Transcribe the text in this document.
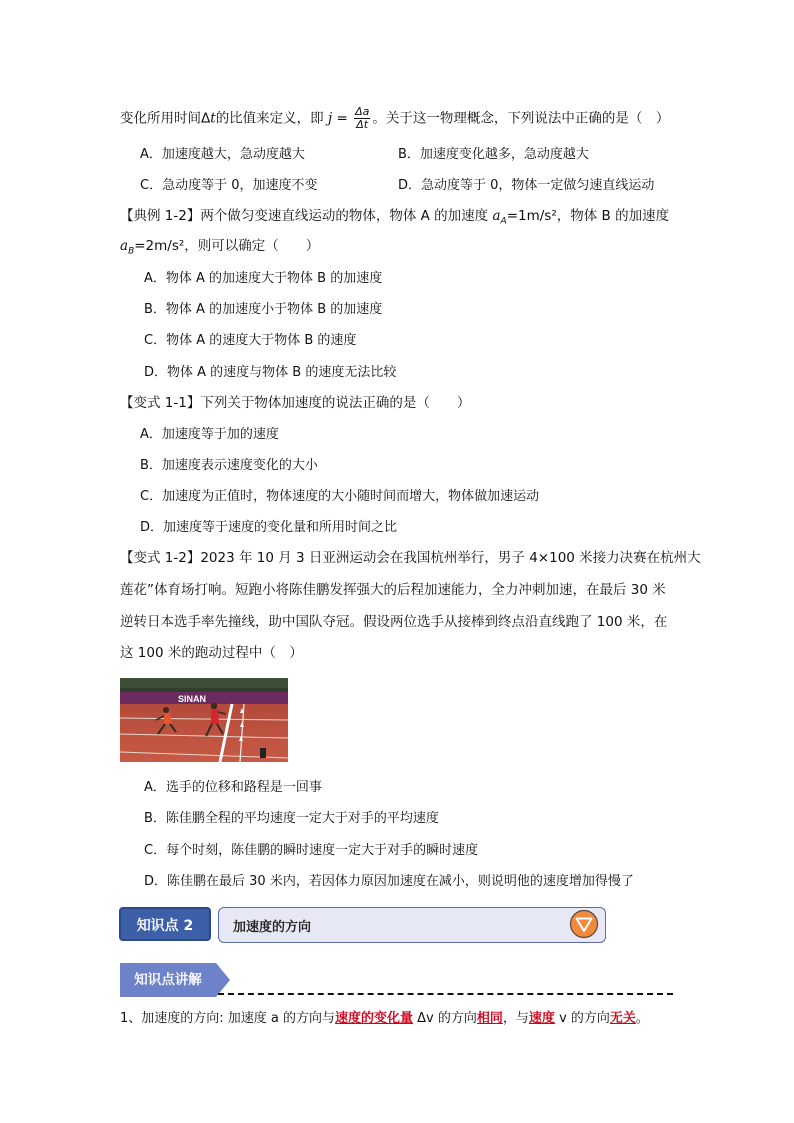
变化所用时间Δt的比值来定义，即 $j = \frac{\Delta a}{\Delta t}$ 。关于这一物理概念，下列说法中正确的是（　）
A．加速度越大，急动度越大	B．加速度变化越多，急动度越大
C．急动度等于 0，加速度不变	D．急动度等于 0，物体一定做匀速直线运动
【典例 1-2】两个做匀变速直线运动的物体，物体 A 的加速度 $a_A=1m/s^2$，物体 B 的加速度
$a_B=2m/s^2$，则可以确定（　　）
A．物体 A 的加速度大于物体 B 的加速度
B．物体 A 的加速度小于物体 B 的加速度
C．物体 A 的速度大于物体 B 的速度
D．物体 A 的速度与物体 B 的速度无法比较
【变式 1-1】下列关于物体加速度的说法正确的是（　　）
A．加速度等于加的速度
B．加速度表示速度变化的大小
C．加速度为正值时，物体速度的大小随时间而增大，物体做加速运动
D．加速度等于速度的变化量和所用时间之比
【变式 1-2】2023 年 10 月 3 日亚洲运动会在我国杭州举行，男子 4×100 米接力决赛在杭州大
莲花”体育场打响。短跑小将陈佳鹏发挥强大的后程加速能力，全力冲刺加速，在最后 30 米
逆转日本选手率先撞线，助中国队夺冠。假设两位选手从接棒到终点沿直线跑了 100 米，在
这 100 米的跑动过程中（　）
SINAN
A．选手的位移和路程是一回事
B．陈佳鹏全程的平均速度一定大于对手的平均速度
C．每个时刻，陈佳鹏的瞬时速度一定大于对手的瞬时速度
D．陈佳鹏在最后 30 米内，若因体力原因加速度在减小，则说明他的速度增加得慢了
知识点 2	加速度的方向
知识点讲解
1、加速度的方向: 加速度 a 的方向与速度的变化量 Δv 的方向相同，与速度 v 的方向无关。
